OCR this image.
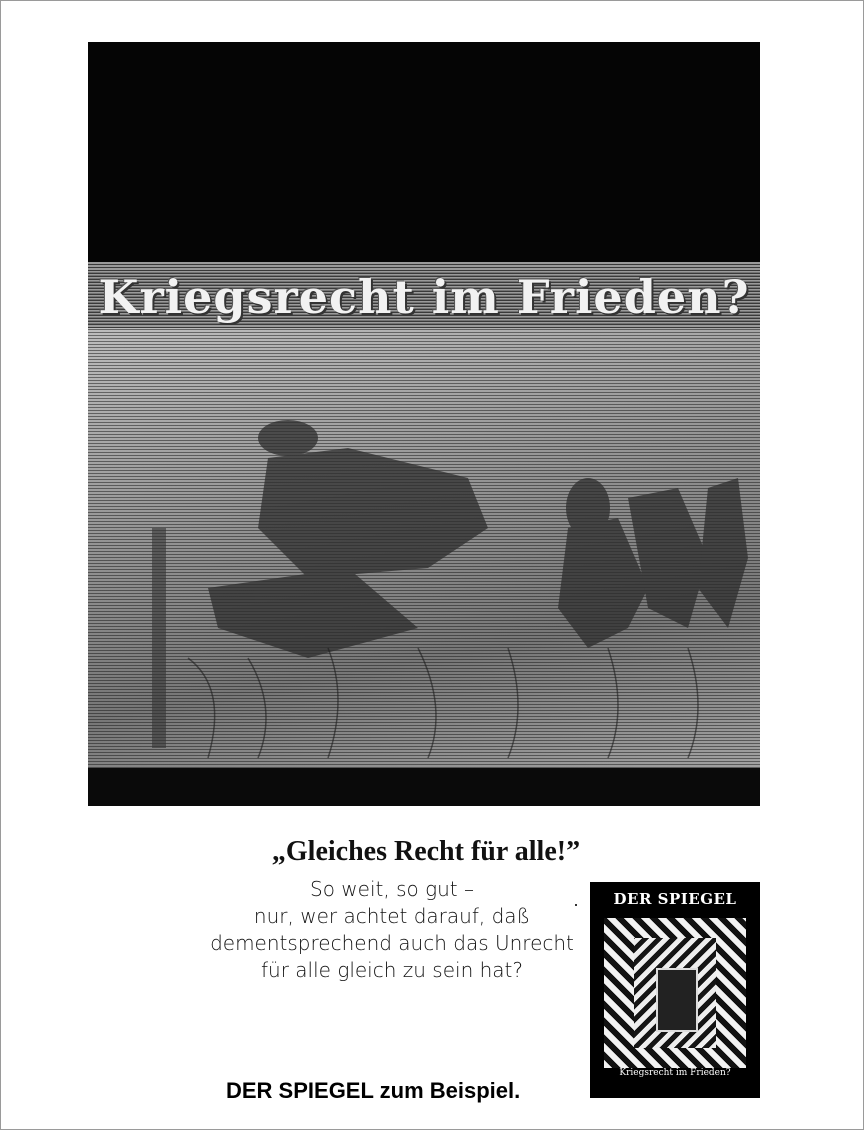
Kriegsrecht im Frieden?
„Gleiches Recht für alle!”
So weit, so gut –
nur, wer achtet darauf, daß
dementsprechend auch das Unrecht
für alle gleich zu sein hat?
DER SPIEGEL
Kriegsrecht im Frieden?
DER SPIEGEL zum Beispiel.
